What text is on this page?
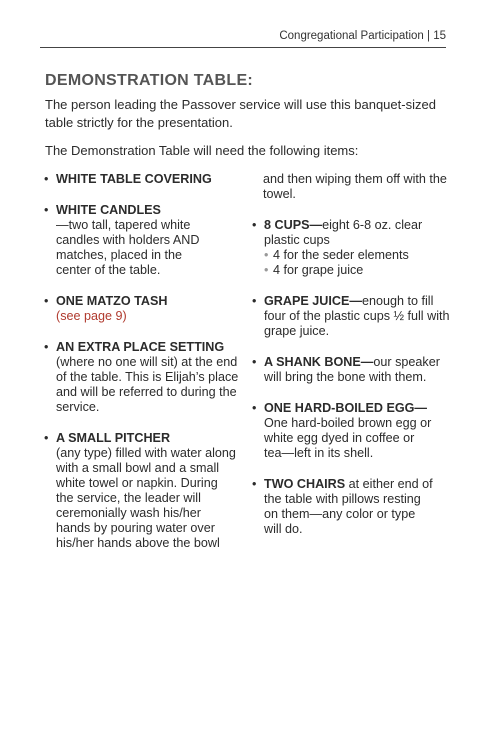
Congregational Participation | 15
DEMONSTRATION TABLE:

The person leading the Passover service will use this banquet-sized table strictly for the presentation.

The Demonstration Table will need the following items:

• WHITE TABLE COVERING
• WHITE CANDLES
—two tall, tapered white candles with holders AND matches, placed in the center of the table.
• ONE MATZO TASH
(see page 9)
• AN EXTRA PLACE SETTING
(where no one will sit) at the end of the table. This is Elijah’s place and will be referred to during the service.
• A SMALL PITCHER
(any type) filled with water along with a small bowl and a small white towel or napkin. During the service, the leader will ceremonially wash his/her hands by pouring water over his/her hands above the bowl

and then wiping them off with the towel.

• 8 CUPS—eight 6-8 oz. clear plastic cups
• 4 for the seder elements
• 4 for grape juice
• GRAPE JUICE—enough to fill four of the plastic cups ½ full with grape juice.
• A SHANK BONE—our speaker will bring the bone with them.
• ONE HARD-BOILED EGG—One hard-boiled brown egg or white egg dyed in coffee or tea—left in its shell.
• TWO CHAIRS at either end of the table with pillows resting on them—any color or type will do.
